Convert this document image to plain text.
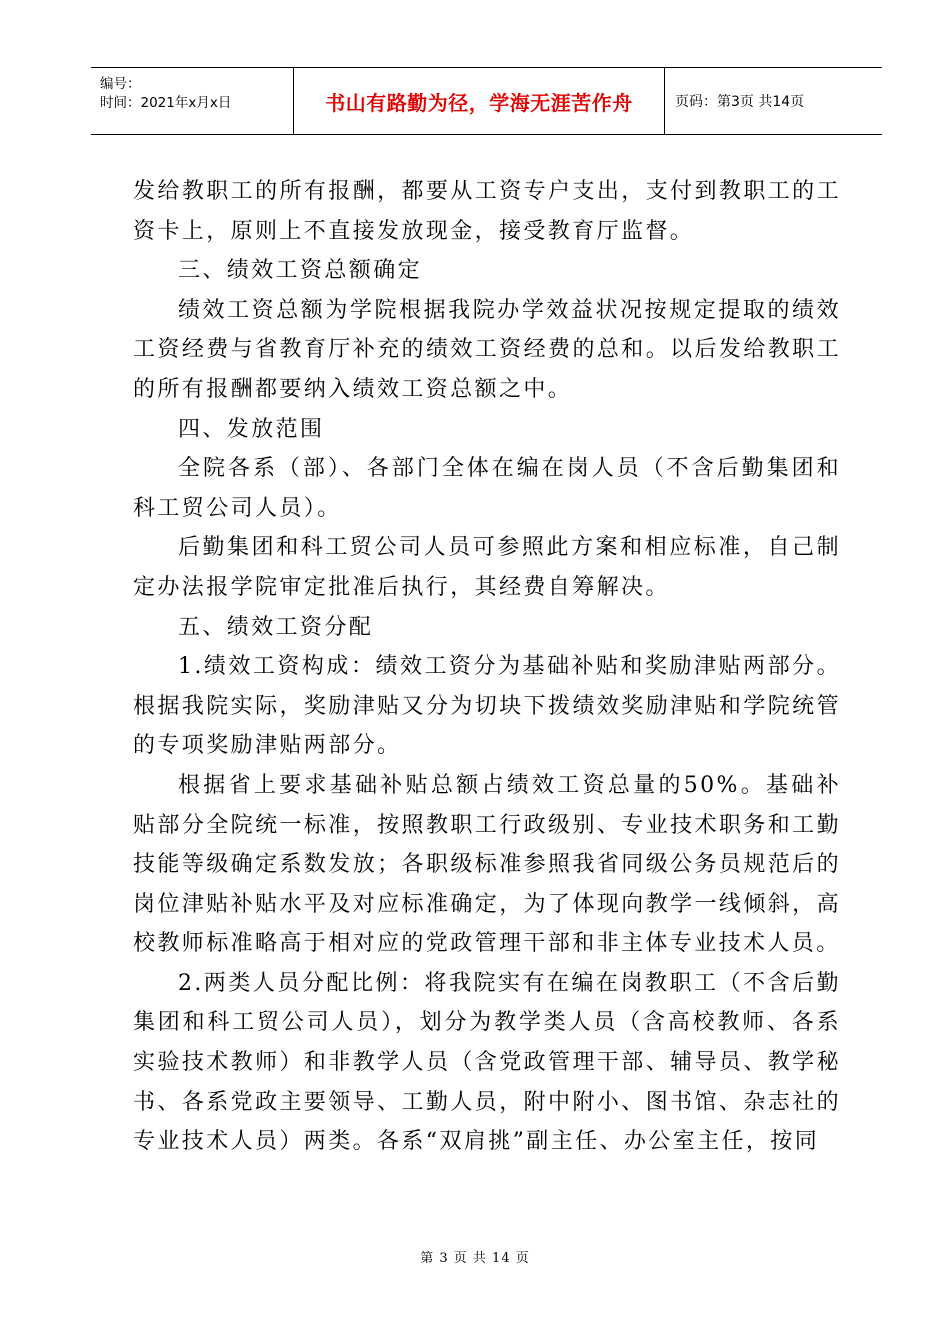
编号：
时间：2021年x月x日	书山有路勤为径，学海无涯苦作舟	页码：第3页 共14页

发给教职工的所有报酬，都要从工资专户支出，支付到教职工的工资卡上，原则上不直接发放现金，接受教育厅监督。

三、绩效工资总额确定

绩效工资总额为学院根据我院办学效益状况按规定提取的绩效工资经费与省教育厅补充的绩效工资经费的总和。以后发给教职工的所有报酬都要纳入绩效工资总额之中。

四、发放范围

全院各系（部）、各部门全体在编在岗人员（不含后勤集团和科工贸公司人员）。

后勤集团和科工贸公司人员可参照此方案和相应标准，自己制定办法报学院审定批准后执行，其经费自筹解决。

五、绩效工资分配

1.绩效工资构成：绩效工资分为基础补贴和奖励津贴两部分。根据我院实际，奖励津贴又分为切块下拨绩效奖励津贴和学院统管的专项奖励津贴两部分。

根据省上要求基础补贴总额占绩效工资总量的50%。基础补贴部分全院统一标准，按照教职工行政级别、专业技术职务和工勤技能等级确定系数发放；各职级标准参照我省同级公务员规范后的岗位津贴补贴水平及对应标准确定，为了体现向教学一线倾斜，高校教师标准略高于相对应的党政管理干部和非主体专业技术人员。

2.两类人员分配比例：将我院实有在编在岗教职工（不含后勤集团和科工贸公司人员），划分为教学类人员（含高校教师、各系实验技术教师）和非教学人员（含党政管理干部、辅导员、教学秘书、各系党政主要领导、工勤人员，附中附小、图书馆、杂志社的专业技术人员）两类。各系“双肩挑”副主任、办公室主任，按同

第 3 页 共 14 页
